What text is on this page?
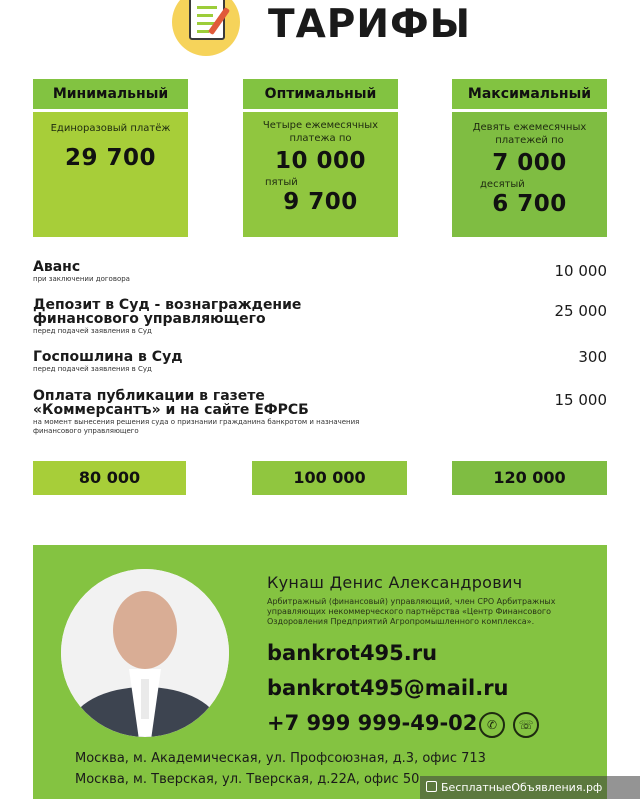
ТАРИФЫ
Минимальный
Единоразовый платёж
29 700
Оптимальный
Четыре ежемесячных платежа по
10 000
пятый
9 700
Максимальный
Девять ежемесячных платежей по
7 000
десятый
6 700
Аванс
при заключении договора	10 000
Депозит в Суд - вознаграждение финансового управляющего
перед подачей заявления в Суд
25 000
Госпошлина в Суд
перед подачей заявления в Суд
300
Оплата публикации в газете «Коммерсантъ» и на сайте ЕФРСБ
на момент вынесения решения суда о признании гражданина банкротом и назначения финансового управляющего
15 000
80 000	100 000	120 000
Кунаш Денис Александрович
Арбитражный (финансовый) управляющий, член СРО Арбитражных управляющих некоммерческого партнёрства «Центр Финансового Оздоровления Предприятий Агропромышленного комплекса».
bankrot495.ru
bankrot495@mail.ru
+7 999 999-49-02 ✆	☏
Москва, м. Академическая, ул. Профсоюзная, д.3, офис 713
Москва, м. Тверская, ул. Тверская, д.22А, офис 50
БесплатныеОбъявления.рф
